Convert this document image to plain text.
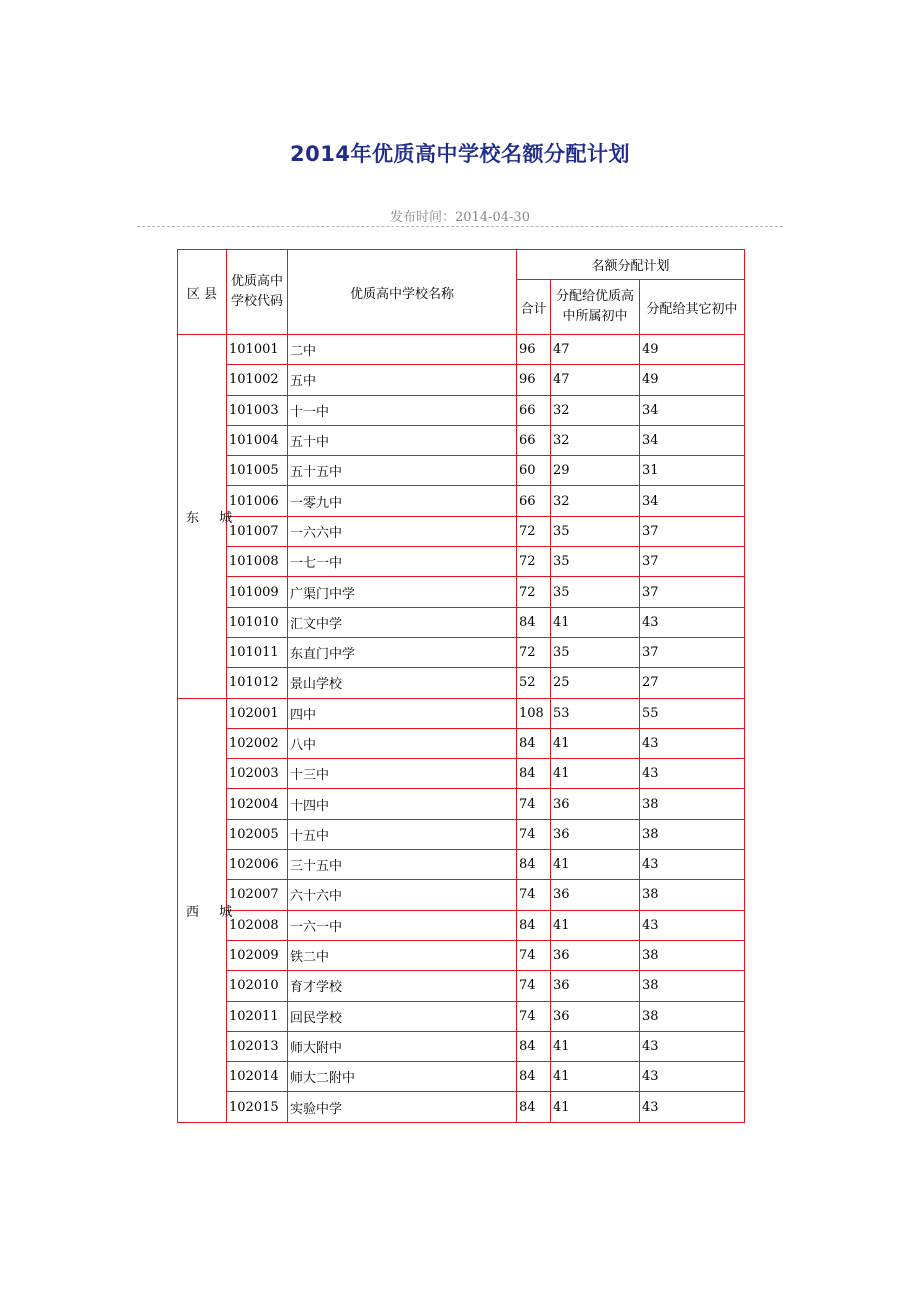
2014年优质高中学校名额分配计划
发布时间：2014-04-30
区 县	优质高中学校代码	优质高中学校名称	名额分配计划		
			合计	分配给优质高中所属初中	分配给其它初中
东 城	101001	二中	96	47	49
	101002	五中	96	47	49
	101003	十一中	66	32	34
	101004	五十中	66	32	34
	101005	五十五中	60	29	31
	101006	一零九中	66	32	34
	101007	一六六中	72	35	37
	101008	一七一中	72	35	37
	101009	广渠门中学	72	35	37
	101010	汇文中学	84	41	43
	101011	东直门中学	72	35	37
	101012	景山学校	52	25	27
西 城	102001	四中	108	53	55
	102002	八中	84	41	43
	102003	十三中	84	41	43
	102004	十四中	74	36	38
	102005	十五中	74	36	38
	102006	三十五中	84	41	43
	102007	六十六中	74	36	38
	102008	一六一中	84	41	43
	102009	铁二中	74	36	38
	102010	育才学校	74	36	38
	102011	回民学校	74	36	38
	102013	师大附中	84	41	43
	102014	师大二附中	84	41	43
	102015	实验中学	84	41	43
